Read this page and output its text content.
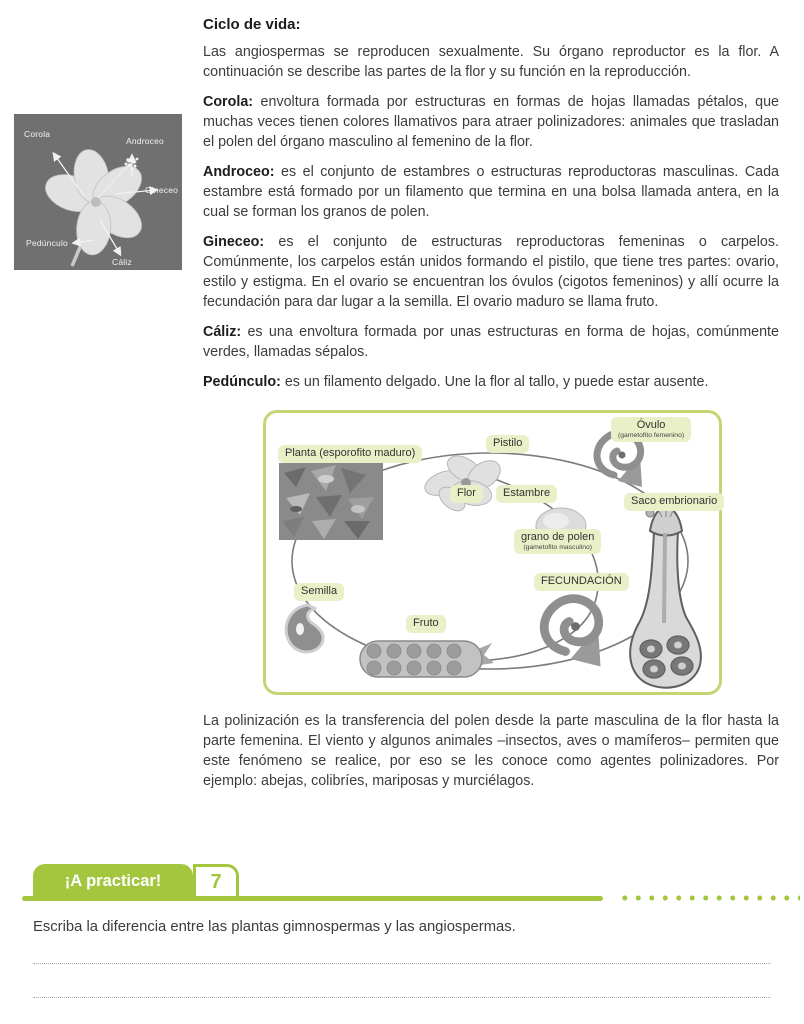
Corola
Androceo
Gineceo
Pedúnculo
Cáliz
Ciclo de vida:

Las angiospermas se reproducen sexualmente. Su órgano reproductor es la flor. A continuación se describe las partes de la flor y su función en la reproducción.

Corola: envoltura formada por estructuras en formas de hojas llamadas pétalos, que muchas veces tienen colores llamativos para atraer polinizadores: animales que trasladan el polen del órgano masculino al femenino de la flor.

Androceo: es el conjunto de estambres o estructuras reproductoras masculinas. Cada estambre está formado por un filamento que termina en una bolsa llamada antera, en la cual se forman los granos de polen.

Gineceo: es el conjunto de estructuras reproductoras femeninas o carpelos. Comúnmente, los carpelos están unidos formando el pistilo, que tiene tres partes: ovario, estilo y estigma. En el ovario se encuentran los óvulos (cigotos femeninos) y allí ocurre la fecundación para dar lugar a la semilla. El ovario maduro se llama fruto.

Cáliz: es una envoltura formada por unas estructuras en forma de hojas, comúnmente verdes, llamadas sépalos.

Pedúnculo: es un filamento delgado. Une la flor al tallo, y puede estar ausente.

Planta (esporofito maduro)
Pistilo
Óvulo
(gametofito femenino)
Flor	Estambre
Saco embrionario
grano de polen
(gametofito masculino)
FECUNDACIÓN
Semilla
Fruto

La polinización es la transferencia del polen desde la parte masculina de la flor hasta la parte femenina. El viento y algunos animales –insectos, aves o mamíferos– permiten que este fenómeno se realice, por eso se les conoce como agentes polinizadores. Por ejemplo: abejas, colibríes, mariposas y murciélagos.

¡A practicar! 7
Escriba la diferencia entre las plantas gimnospermas y las angiospermas.
